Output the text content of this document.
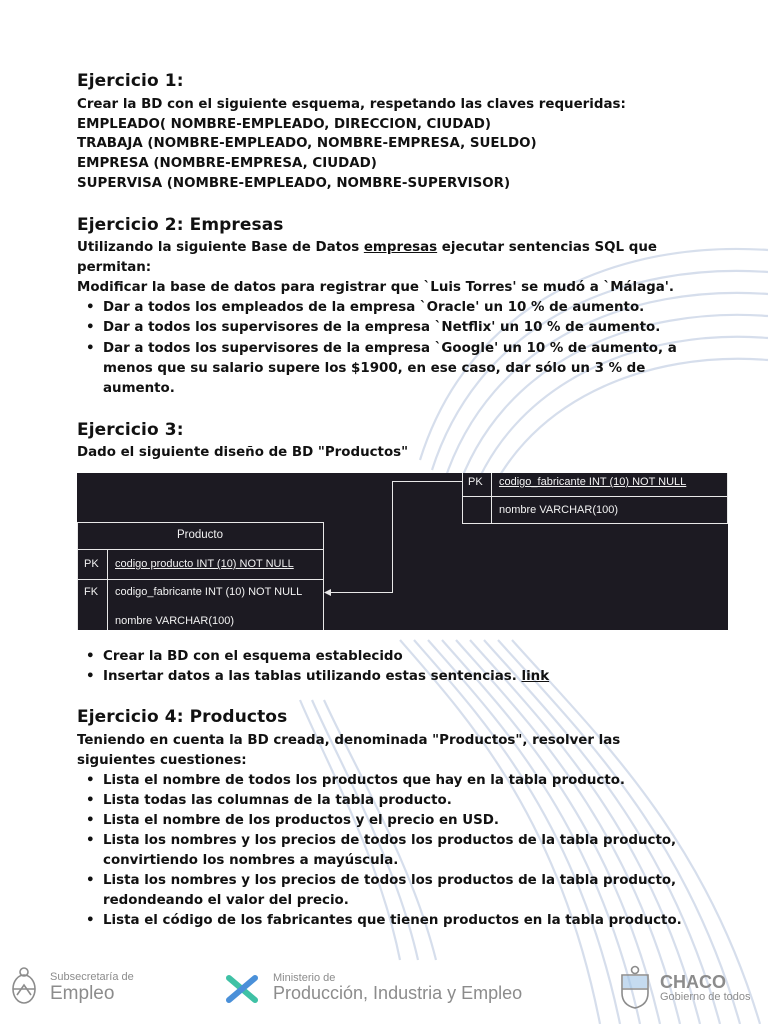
Ejercicio 1:

Crear la BD con el siguiente esquema, respetando las claves requeridas:

EMPLEADO( NOMBRE-EMPLEADO, DIRECCION, CIUDAD)

TRABAJA (NOMBRE-EMPLEADO, NOMBRE-EMPRESA, SUELDO)

EMPRESA (NOMBRE-EMPRESA, CIUDAD)

SUPERVISA (NOMBRE-EMPLEADO, NOMBRE-SUPERVISOR)

Ejercicio 2: Empresas

Utilizando la siguiente Base de Datos empresas ejecutar sentencias SQL que

permitan:

Modificar la base de datos para registrar que `Luis Torres' se mudó a `Málaga'.

• Dar a todos los empleados de la empresa `Oracle' un 10 % de aumento.
• Dar a todos los supervisores de la empresa `Netflix' un 10 % de aumento.
• Dar a todos los supervisores de la empresa `Google' un 10 % de aumento, a menos que su salario supere los $1900, en ese caso, dar sólo un 3 % de aumento.
Ejercicio 3:

Dado el siguiente diseño de BD "Productos"

• Crear la BD con el esquema establecido
• Insertar datos a las tablas utilizando estas sentencias. link
Ejercicio 4: Productos

Teniendo en cuenta la BD creada, denominada "Productos", resolver las

siguientes cuestiones:

• Lista el nombre de todos los productos que hay en la tabla producto.
• Lista todas las columnas de la tabla producto.
• Lista el nombre de los productos y el precio en USD.
• Lista los nombres y los precios de todos los productos de la tabla producto, convirtiendo los nombres a mayúscula.
• Lista los nombres y los precios de todos los productos de la tabla producto, redondeando el valor del precio.
• Lista el código de los fabricantes que tienen productos en la tabla producto.
PK codigo_fabricante INT (10) NOT NULL
nombre VARCHAR(100)
Producto
PK codigo producto INT (10) NOT NULL
FK codigo_fabricante INT (10) NOT NULL
nombre VARCHAR(100)
Subsecretaría de
Empleo
Ministerio de
Producción, Industria y Empleo
CHACO
Gobierno de todos
